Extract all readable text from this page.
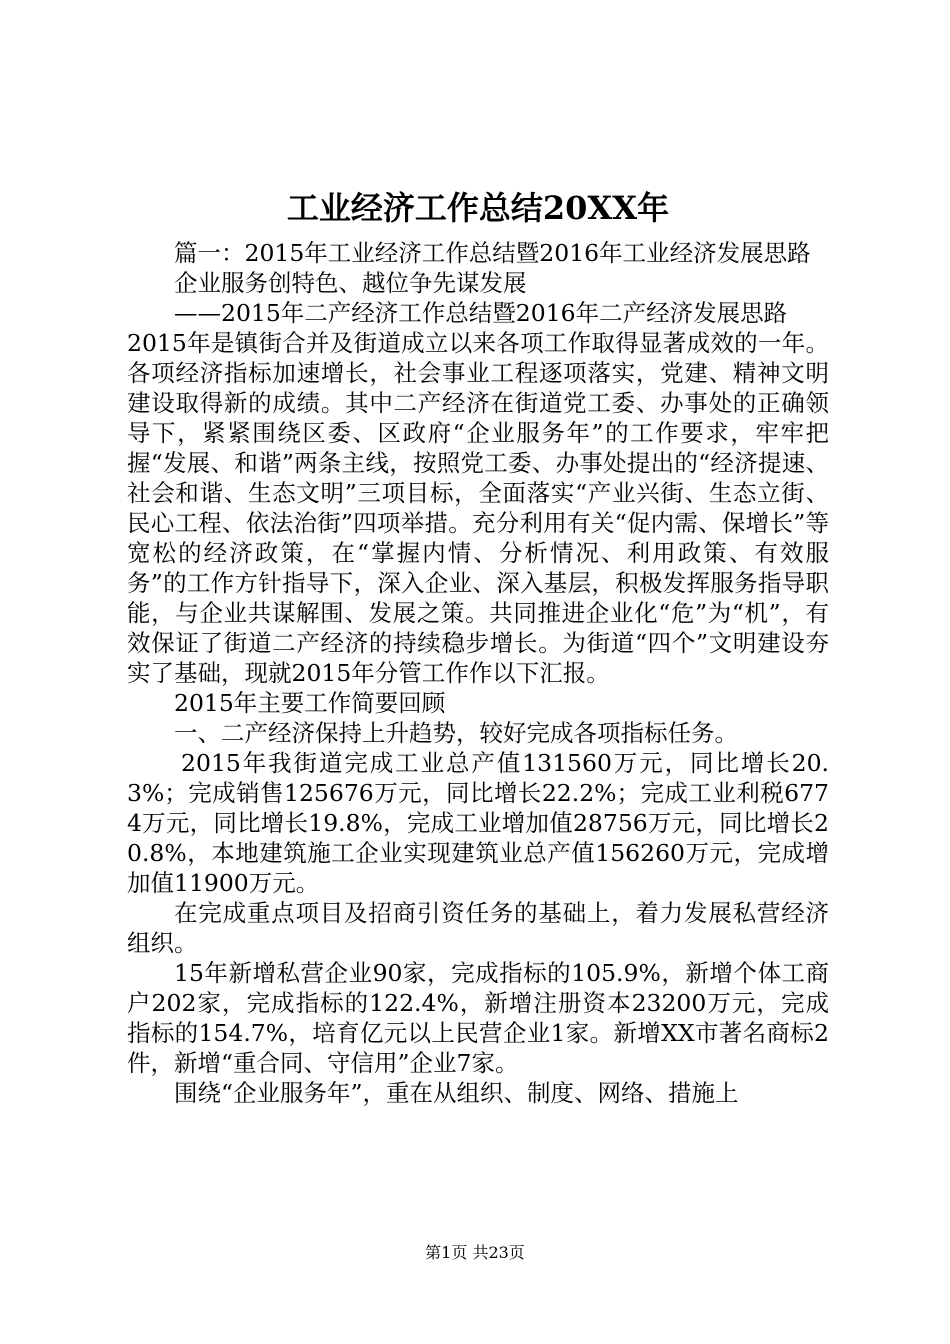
工业经济工作总结20XX年

篇一：2015年工业经济工作总结暨2016年工业经济发展思路

企业服务创特色、越位争先谋发展

——2015年二产经济工作总结暨2016年二产经济发展思路

2015年是镇街合并及街道成立以来各项工作取得显著成效的一年。各项经济指标加速增长，社会事业工程逐项落实，党建、精神文明建设取得新的成绩。其中二产经济在街道党工委、办事处的正确领导下，紧紧围绕区委、区政府“企业服务年”的工作要求，牢牢把握“发展、和谐”两条主线，按照党工委、办事处提出的“经济提速、社会和谐、生态文明”三项目标，全面落实“产业兴街、生态立街、民心工程、依法治街”四项举措。充分利用有关“促内需、保增长”等宽松的经济政策，在“掌握内情、分析情况、利用政策、有效服务”的工作方针指导下，深入企业、深入基层，积极发挥服务指导职能，与企业共谋解围、发展之策。共同推进企业化“危”为“机”，有效保证了街道二产经济的持续稳步增长。为街道“四个”文明建设夯实了基础，现就2015年分管工作作以下汇报。

2015年主要工作简要回顾

一、二产经济保持上升趋势，较好完成各项指标任务。

2015年我街道完成工业总产值131560万元，同比增长20.3%；完成销售125676万元，同比增长22.2%；完成工业利税6774万元，同比增长19.8%，完成工业增加值28756万元，同比增长20.8%，本地建筑施工企业实现建筑业总产值156260万元，完成增加值11900万元。

在完成重点项目及招商引资任务的基础上，着力发展私营经济组织。

15年新增私营企业90家，完成指标的105.9%，新增个体工商户202家，完成指标的122.4%，新增注册资本23200万元，完成指标的154.7%，培育亿元以上民营企业1家。新增XX市著名商标2件，新增“重合同、守信用”企业7家。

围绕“企业服务年”，重在从组织、制度、网络、措施上

第1页 共23页
